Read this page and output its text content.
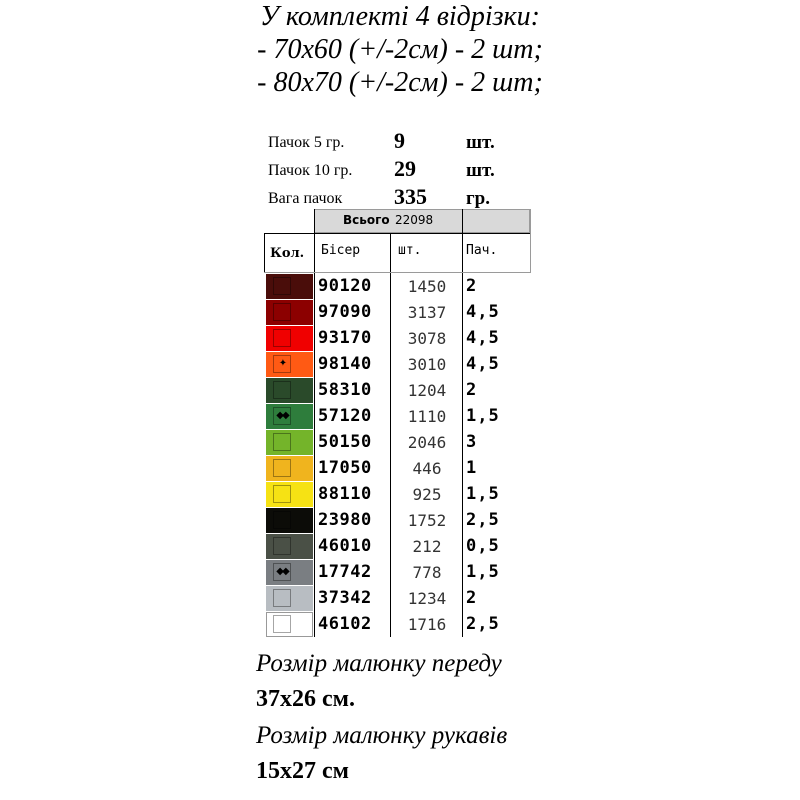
У комплекті 4 відрізки:
- 70х60 (+/-2см) - 2 шт;
- 80х70 (+/-2см) - 2 шт;
Пачок 5 гр. 9	шт.
Пачок 10 гр. 29	шт.
Вага пачок 335 гр.
Всього 22098
Кол. Бісер	шт.	Пач.
90120	1450	2
97090	3137	4,5
93170	3078	4,5
✦	98140	3010	4,5
58310	1204	2
◆◆ 57120	1110	1,5
50150	2046	3
17050	446	1
88110	925	1,5
23980	1752	2,5
46010	212	0,5
◆◆ 17742	778	1,5
37342	1234	2
46102	1716	2,5
Розмір малюнку переду
37х26 см.
Розмір малюнку рукавів
15х27 см
